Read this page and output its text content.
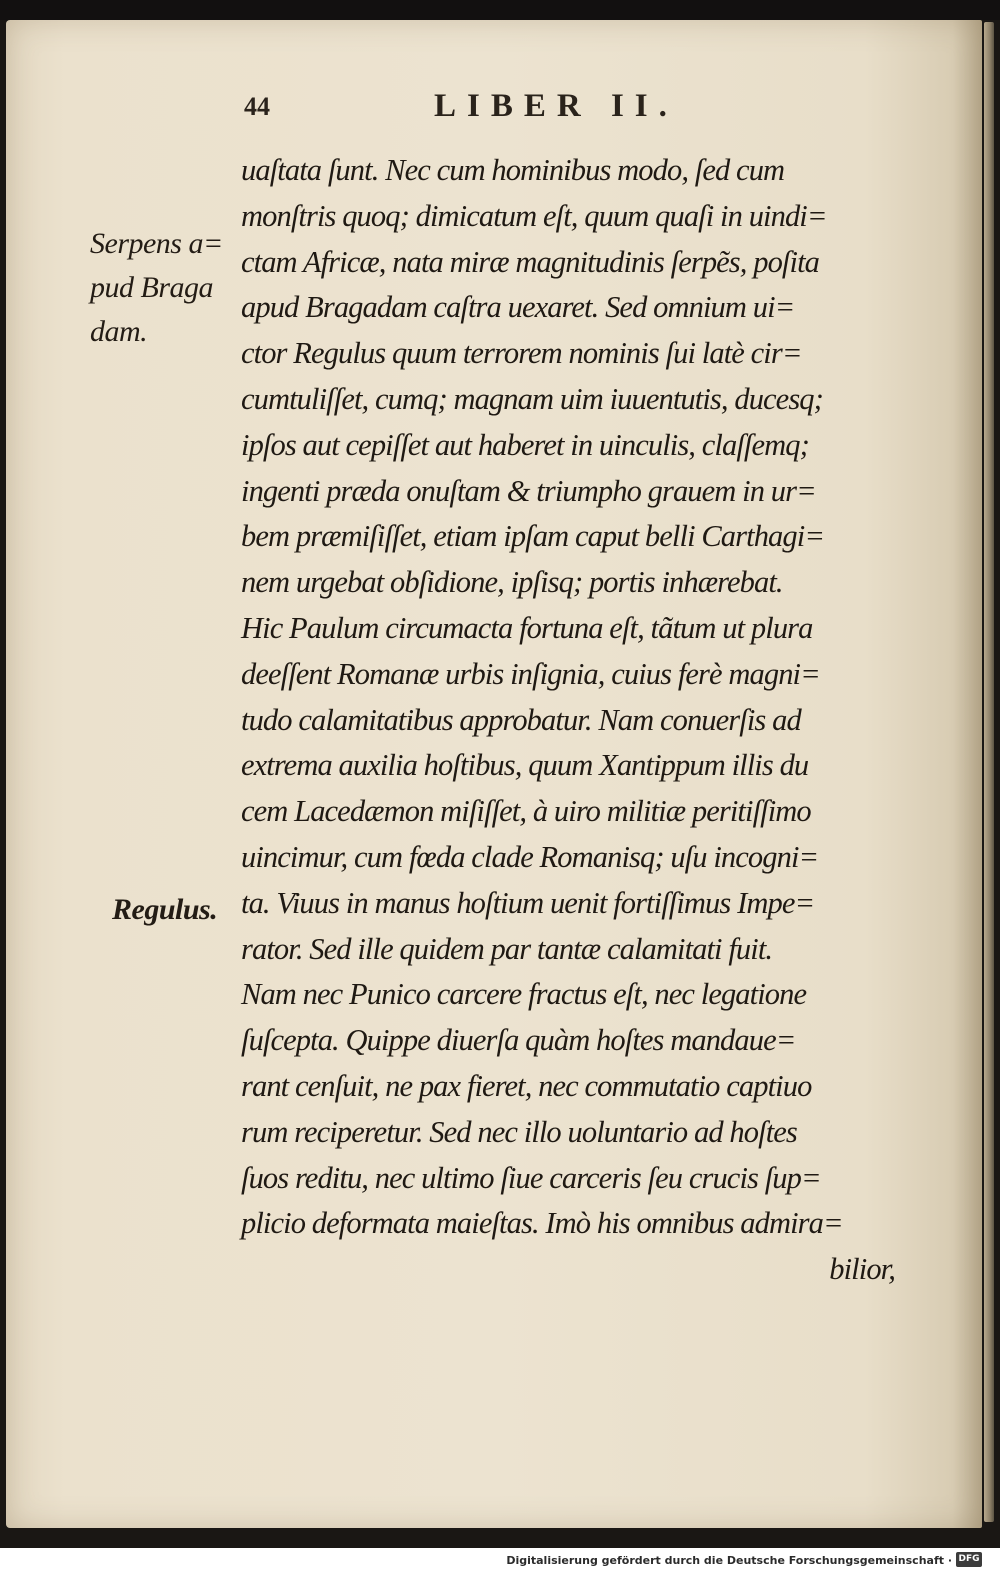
44	LIBER II.
Serpens a=
pud Braga
dam.
Regulus.
uaſtata ſunt. Nec cum hominibus modo, ſed cum
monſtris quoq; dimicatum eſt, quum quaſi in uindi=
ctam Africæ, nata miræ magnitudinis ſerpẽs, poſita
apud Bragadam caſtra uexaret. Sed omnium ui=
ctor Regulus quum terrorem nominis ſui latè cir=
cumtuliſſet, cumq; magnam uim iuuentutis, ducesq;
ipſos aut cepiſſet aut haberet in uinculis, claſſemq;
ingenti præda onuſtam & triumpho grauem in ur=
bem præmiſiſſet, etiam ipſam caput belli Carthagi=
nem urgebat obſidione, ipſisq; portis inhærebat.
Hic Paulum circumacta fortuna eſt, tãtum ut plura
deeſſent Romanæ urbis inſignia, cuius ferè magni=
tudo calamitatibus approbatur. Nam conuerſis ad
extrema auxilia hoſtibus, quum Xantippum illis du
cem Lacedæmon miſiſſet, à uiro militiæ peritiſſimo
uincimur, cum fœda clade Romanisq; uſu incogni=
ta. Viuus in manus hoſtium uenit fortiſſimus Impe=
rator. Sed ille quidem par tantæ calamitati fuit.
Nam nec Punico carcere fractus eſt, nec legatione
ſuſcepta. Quippe diuerſa quàm hoſtes mandaue=
rant cenſuit, ne pax fieret, nec commutatio captiuo
rum reciperetur. Sed nec illo uoluntario ad hoſtes
ſuos reditu, nec ultimo ſiue carceris ſeu crucis ſup=
plicio deformata maieſtas. Imò his omnibus admira=
bilior,
Digitalisierung gefördert durch die Deutsche Forschungsgemeinschaft · DFG
